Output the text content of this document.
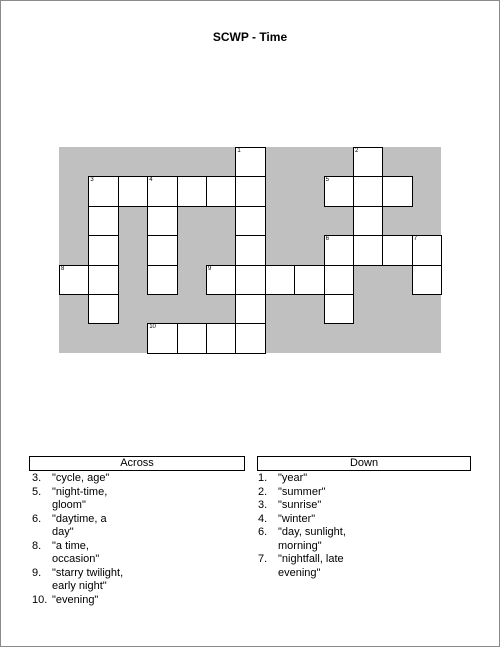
SCWP - Time
1	2
3	4	5
6	7
8	9
10
Across
3. "cycle, age"
5. "night-time, gloom"
6. "daytime, a day"
8. "a time, occasion"
9. "starry twilight, early night"
10. "evening"
Down
1. "year"
2. "summer"
3. "sunrise"
4. "winter"
6. "day, sunlight, morning"
7. "nightfall, late evening"
